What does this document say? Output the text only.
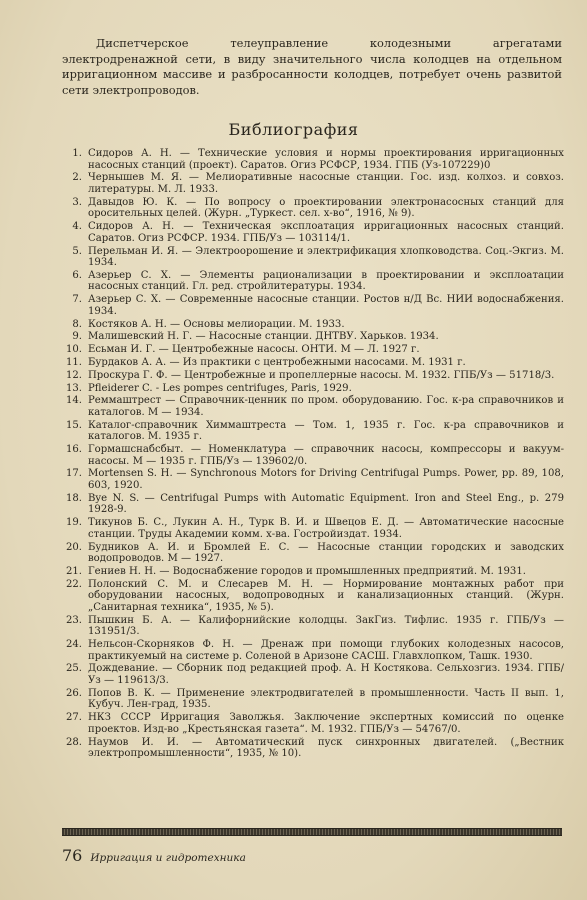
Диспетчерское телеуправление колодезными агрегатами электродренажной сети, в виду значительного числа колодцев на отдельном ирригационном массиве и разбросанности колодцев, потребует очень развитой сети электропроводов.

Библиография
1. Сидоров А. Н. — Технические условия и нормы проектирования ирригационных насосных станций (проект). Саратов. Огиз РСФСР, 1934. ГПБ (Уз-107229)0
2. Чернышев М. Я. — Мелиоративные насосные станции. Гос. изд. колхоз. и совхоз. литературы. М. Л. 1933.
3. Давыдов Ю. К. — По вопросу о проектировании электронасосных станций для оросительных целей. (Журн. „Туркест. сел. х-во“, 1916, № 9).
4. Сидоров А. Н. — Техническая эксплоатация ирригационных насосных станций. Саратов. Огиз РСФСР. 1934. ГПБ/Уз — 103114/1.
5. Перельман И. Я. — Электроорошение и электрификация хлопководства. Соц.-Экгиз. М. 1934.
6. Азерьер С. Х. — Элементы рационализации в проектировании и эксплоатации насосных станций. Гл. ред. стройлитературы. 1934.
7. Азерьер С. Х. — Современные насосные станции. Ростов н/Д Вс. НИИ водоснабжения. 1934.
8. Костяков А. Н. — Основы мелиорации. М. 1933.
9. Малишевский Н. Г. — Насосные станции. ДНТВУ. Харьков. 1934.
10. Есьман И. Г. — Центробежные насосы. ОНТИ. М — Л. 1927 г.
11. Бурдаков А. А. — Из практики с центробежными насосами. М. 1931 г.
12. Проскура Г. Ф. — Центробежные и пропеллерные насосы. М. 1932. ГПБ/Уз — 51718/3.
13. Pfleiderer C. - Les pompes centrifuges, Paris, 1929.
14. Реммаштрест — Справочник-ценник по пром. оборудованию. Гос. к-ра справочников и каталогов. М — 1934.
15. Каталог-справочник Химмаштреста — Том. 1, 1935 г. Гос. к-ра справочников и каталогов. М. 1935 г.
16. Гормашснабсбыт. — Номенклатура — справочник насосы, компрессоры и вакуум-насосы. М — 1935 г. ГПБ/Уз — 139602/0.
17. Mortensen S. H. — Synchronous Motors for Driving Centrifugal Pumps. Power, pp. 89, 108, 603, 1920.
18. Bye N. S. — Centrifugal Pumps with Automatic Equipment. Iron and Steel Eng., p. 279 1928-9.
19. Тикунов Б. С., Лукин А. Н., Турк В. И. и Швецов Е. Д. — Автоматические насосные станции. Труды Академии комм. х-ва. Гостройиздат. 1934.
20. Будников А. И. и Бромлей Е. С. — Насосные станции городских и заводских водопроводов. М — 1927.
21. Гениев Н. Н. — Водоснабжение городов и промышленных предприятий. М. 1931.
22. Полонский С. М. и Слесарев М. Н. — Нормирование монтажных работ при оборудовании насосных, водопроводных и канализационных станций. (Журн. „Санитарная техника“, 1935, № 5).
23. Пышкин Б. А. — Калифорнийские колодцы. ЗакГиз. Тифлис. 1935 г. ГПБ/Уз — 131951/3.
24. Нельсон-Скорняков Ф. Н. — Дренаж при помощи глубоких колодезных насосов, практикуемый на системе р. Соленой в Аризоне САСШ. Главхлопком, Ташк. 1930.
25. Дождевание. — Сборник под редакцией проф. А. Н Костякова. Сельхозгиз. 1934. ГПБ/Уз — 119613/3.
26. Попов В. К. — Применение электродвигателей в промышленности. Часть II вып. 1, Кубуч. Лен-град, 1935.
27. НКЗ СССР Ирригация Заволжья. Заключение экспертных комиссий по оценке проектов. Изд-во „Крестьянская газета“. М. 1932. ГПБ/Уз — 54767/0.
28. Наумов И. И. — Автоматический пуск синхронных двигателей. („Вестник электропромышленности“, 1935, № 10).
76 Ирригация и гидротехника
